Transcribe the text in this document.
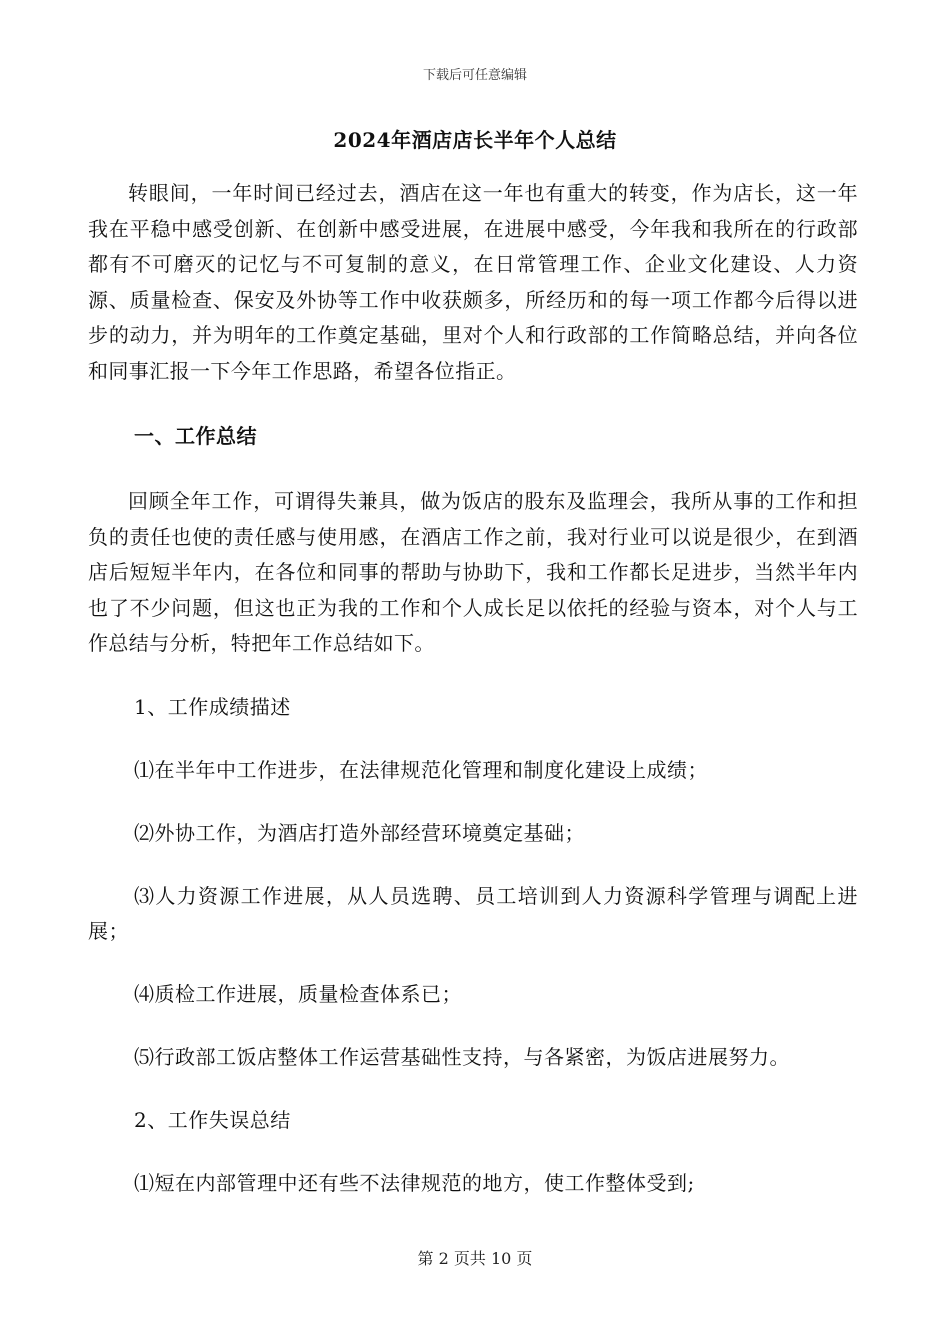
下载后可任意编辑
2024年酒店店长半年个人总结

转眼间，一年时间已经过去，酒店在这一年也有重大的转变，作为店长，这一年我在平稳中感受创新、在创新中感受进展，在进展中感受，今年我和我所在的行政部都有不可磨灭的记忆与不可复制的意义，在日常管理工作、企业文化建设、人力资源、质量检查、保安及外协等工作中收获颇多，所经历和的每一项工作都今后得以进步的动力，并为明年的工作奠定基础，里对个人和行政部的工作简略总结，并向各位和同事汇报一下今年工作思路，希望各位指正。

一、工作总结

回顾全年工作，可谓得失兼具，做为饭店的股东及监理会，我所从事的工作和担负的责任也使的责任感与使用感，在酒店工作之前，我对行业可以说是很少，在到酒店后短短半年内，在各位和同事的帮助与协助下，我和工作都长足进步，当然半年内也了不少问题，但这也正为我的工作和个人成长足以依托的经验与资本，对个人与工作总结与分析，特把年工作总结如下。

1、工作成绩描述

⑴在半年中工作进步，在法律规范化管理和制度化建设上成绩；

⑵外协工作，为酒店打造外部经营环境奠定基础；

⑶人力资源工作进展，从人员选聘、员工培训到人力资源科学管理与调配上进展；

⑷质检工作进展，质量检查体系已；

⑸行政部工饭店整体工作运营基础性支持，与各紧密，为饭店进展努力。

2、工作失误总结

⑴短在内部管理中还有些不法律规范的地方，使工作整体受到;

第 2 页共 10 页
